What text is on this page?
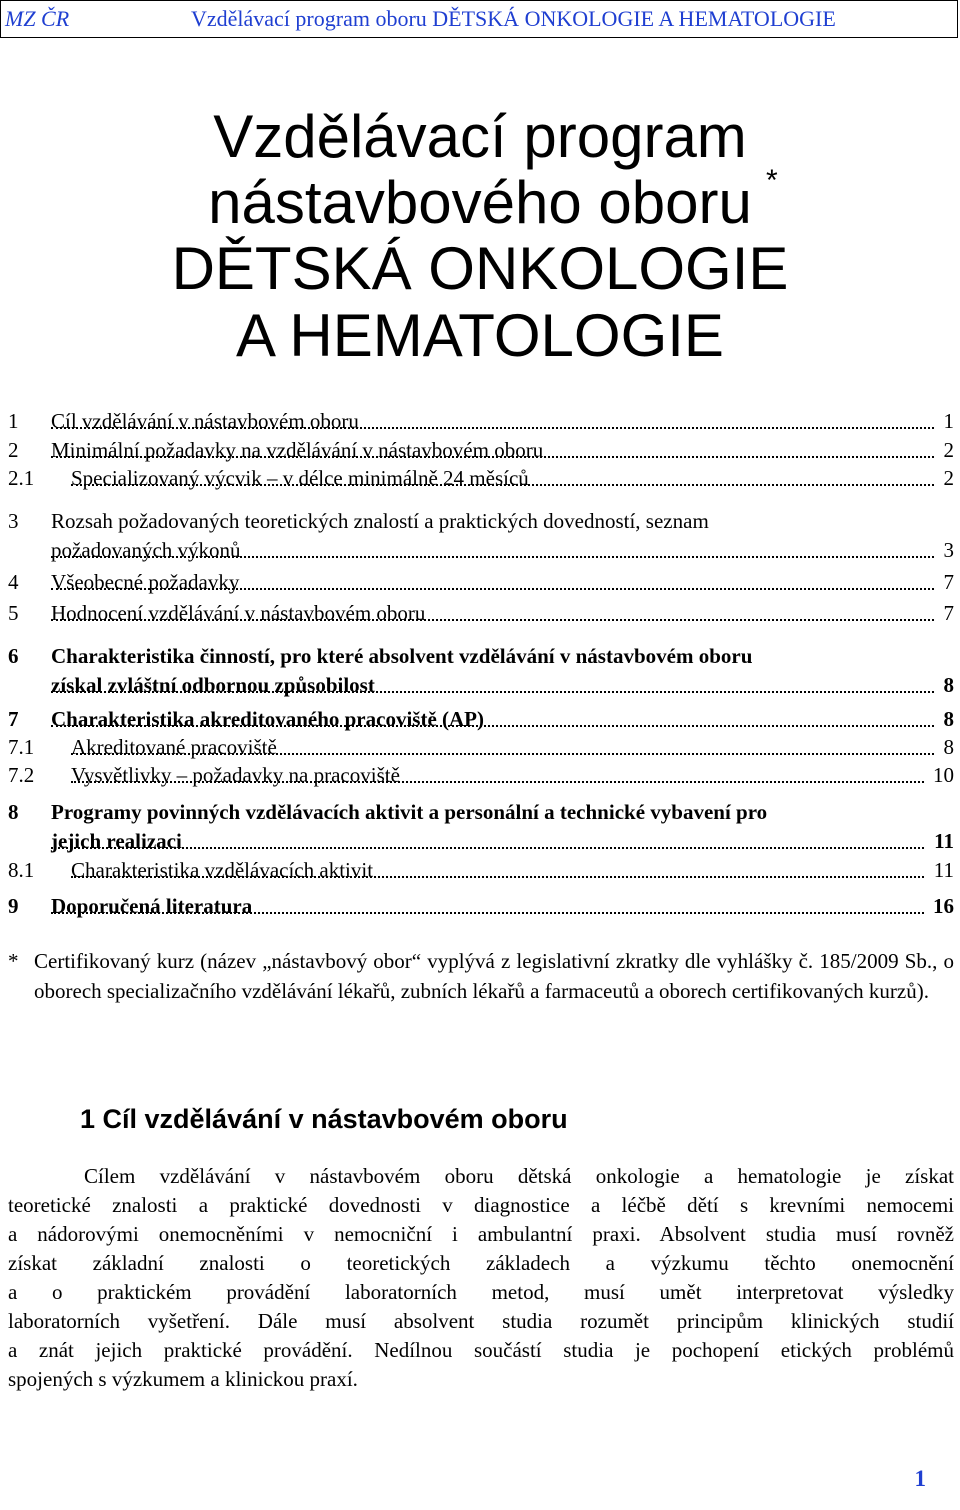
MZ ČR	Vzdělávací program oboru DĚTSKÁ ONKOLOGIE A HEMATOLOGIE
Vzdělávací program
nástavbového oboru
DĚTSKÁ ONKOLOGIE
A HEMATOLOGIE
*
1 Cíl vzdělávání v nástavbovém oboru	1
2 Minimální požadavky na vzdělávání v nástavbovém oboru	2
2.1 Specializovaný výcvik – v délce minimálně 24 měsíců	2
3 Rozsah požadovaných teoretických znalostí a praktických dovedností, seznam
požadovaných výkonů	3
4 Všeobecné požadavky	7
5 Hodnocení vzdělávání v nástavbovém oboru	7
6 Charakteristika činností, pro které absolvent vzdělávání v nástavbovém oboru
získal zvláštní odbornou způsobilost	8
7 Charakteristika akreditovaného pracoviště (AP)	8
7.1 Akreditované pracoviště	8
7.2 Vysvětlivky – požadavky na pracoviště	10
8 Programy povinných vzdělávacích aktivit a personální a technické vybavení pro
jejich realizaci	11
8.1 Charakteristika vzdělávacích aktivit	11
9 Doporučená literatura	16
* Certifikovaný kurz (název „nástavbový obor“ vyplývá z legislativní zkratky dle vyhlášky č. 185/2009 Sb., o oborech specializačního vzdělávání lékařů, zubních lékařů a farmaceutů a oborech certifikovaných kurzů).
1 Cíl vzdělávání v nástavbovém oboru
Cílem vzdělávání v nástavbovém oboru dětská onkologie a hematologie je získat
teoretické znalosti a praktické dovednosti v diagnostice a léčbě dětí s krevními nemocemi
a nádorovými onemocněními v nemocniční i ambulantní praxi. Absolvent studia musí rovněž
získat základní znalosti o teoretických základech a výzkumu těchto onemocnění
a o praktickém provádění laboratorních metod, musí umět interpretovat výsledky
laboratorních vyšetření. Dále musí absolvent studia rozumět principům klinických studií
a znát jejich praktické provádění. Nedílnou součástí studia je pochopení etických problémů
spojených s výzkumem a klinickou praxí.
1
